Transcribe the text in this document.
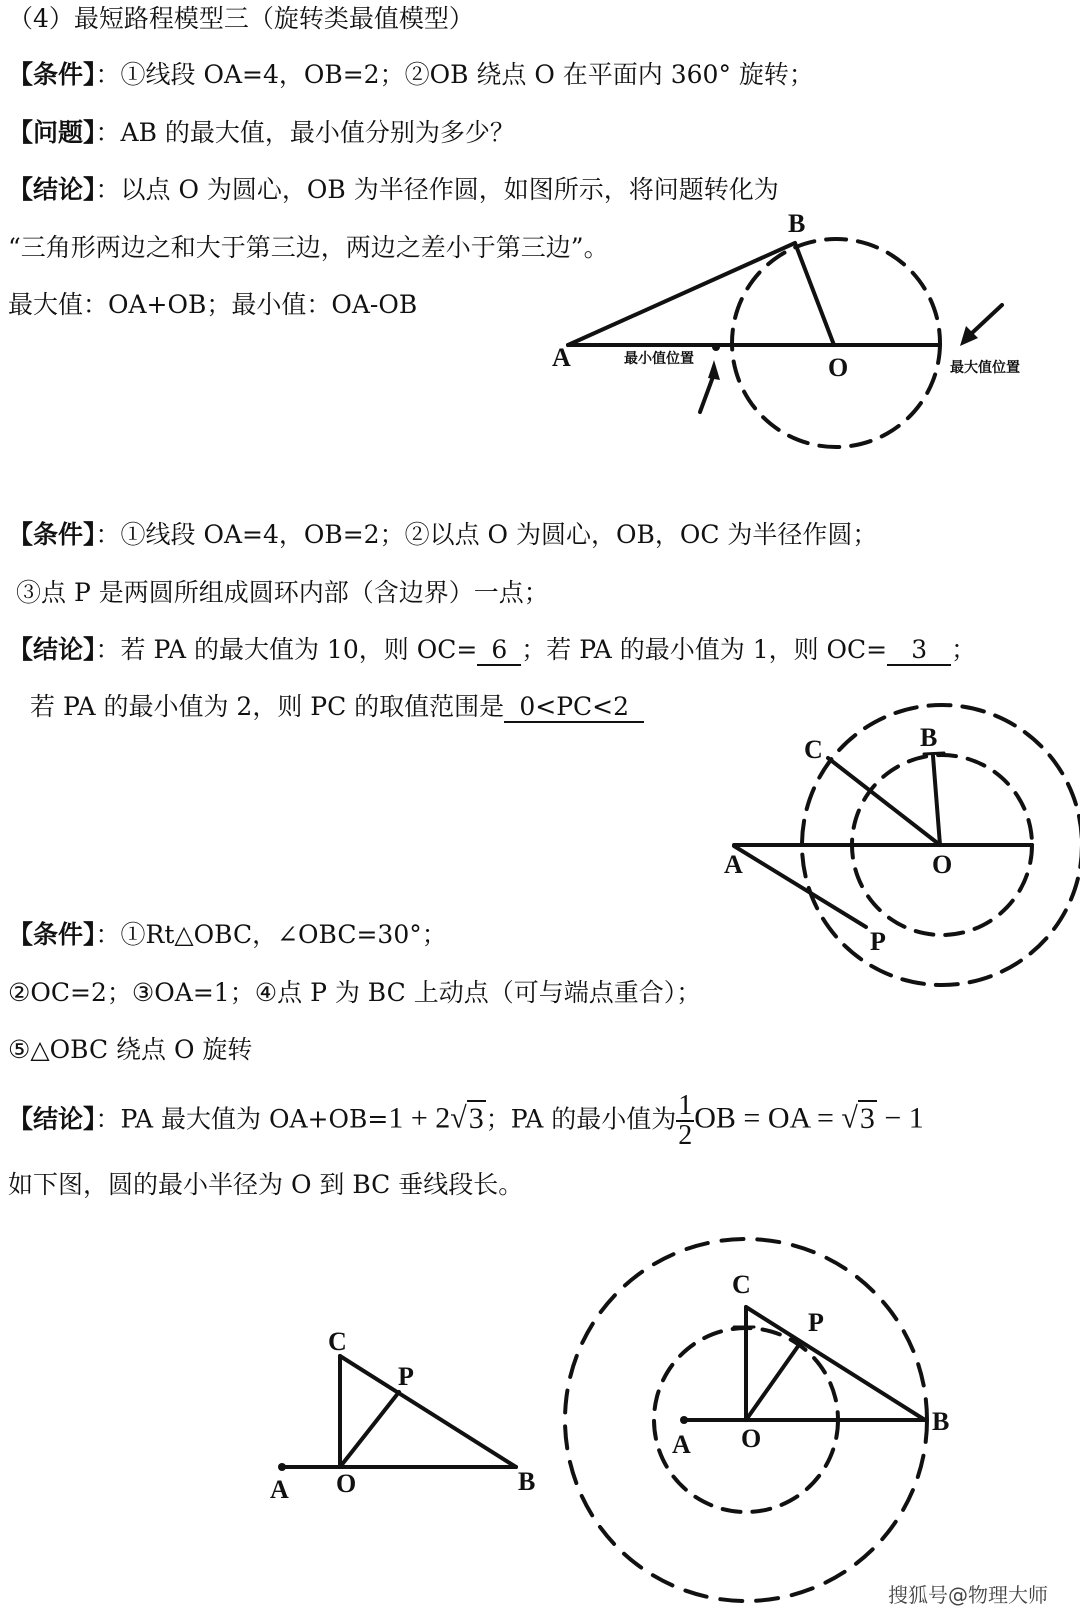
（4）最短路程模型三（旋转类最值模型）
【条件】：①线段 OA=4，OB=2；②OB 绕点 O 在平面内 360° 旋转；
【问题】：AB 的最大值，最小值分别为多少？
【结论】：以点 O 为圆心，OB 为半径作圆，如图所示，将问题转化为
“三角形两边之和大于第三边，两边之差小于第三边”。
最大值：OA+OB；最小值：OA-OB
【条件】：①线段 OA=4，OB=2；②以点 O 为圆心，OB，OC 为半径作圆；
③点 P 是两圆所组成圆环内部（含边界）一点；
【结论】：若 PA 的最大值为 10，则 OC= 6 ；若 PA 的最小值为 1，则 OC= 3 ；
若 PA 的最小值为 2，则 PC 的取值范围是 0<PC<2
【条件】：①Rt△OBC，∠OBC=30°；
②OC=2；③OA=1；④点 P 为 BC 上动点（可与端点重合）；
⑤△OBC 绕点 O 旋转
【结论】：PA 最大值为 OA+OB=1 + 2√3；PA 的最小值为 $\frac{1}{2}$ OB = OA = √3 − 1
如下图，圆的最小半径为 O 到 BC 垂线段长。
A
B
O
最小值位置
最大值位置
A
B
C
O
P
A	B
C
O
P
A
B
C
O
P
搜狐号@物理大师
